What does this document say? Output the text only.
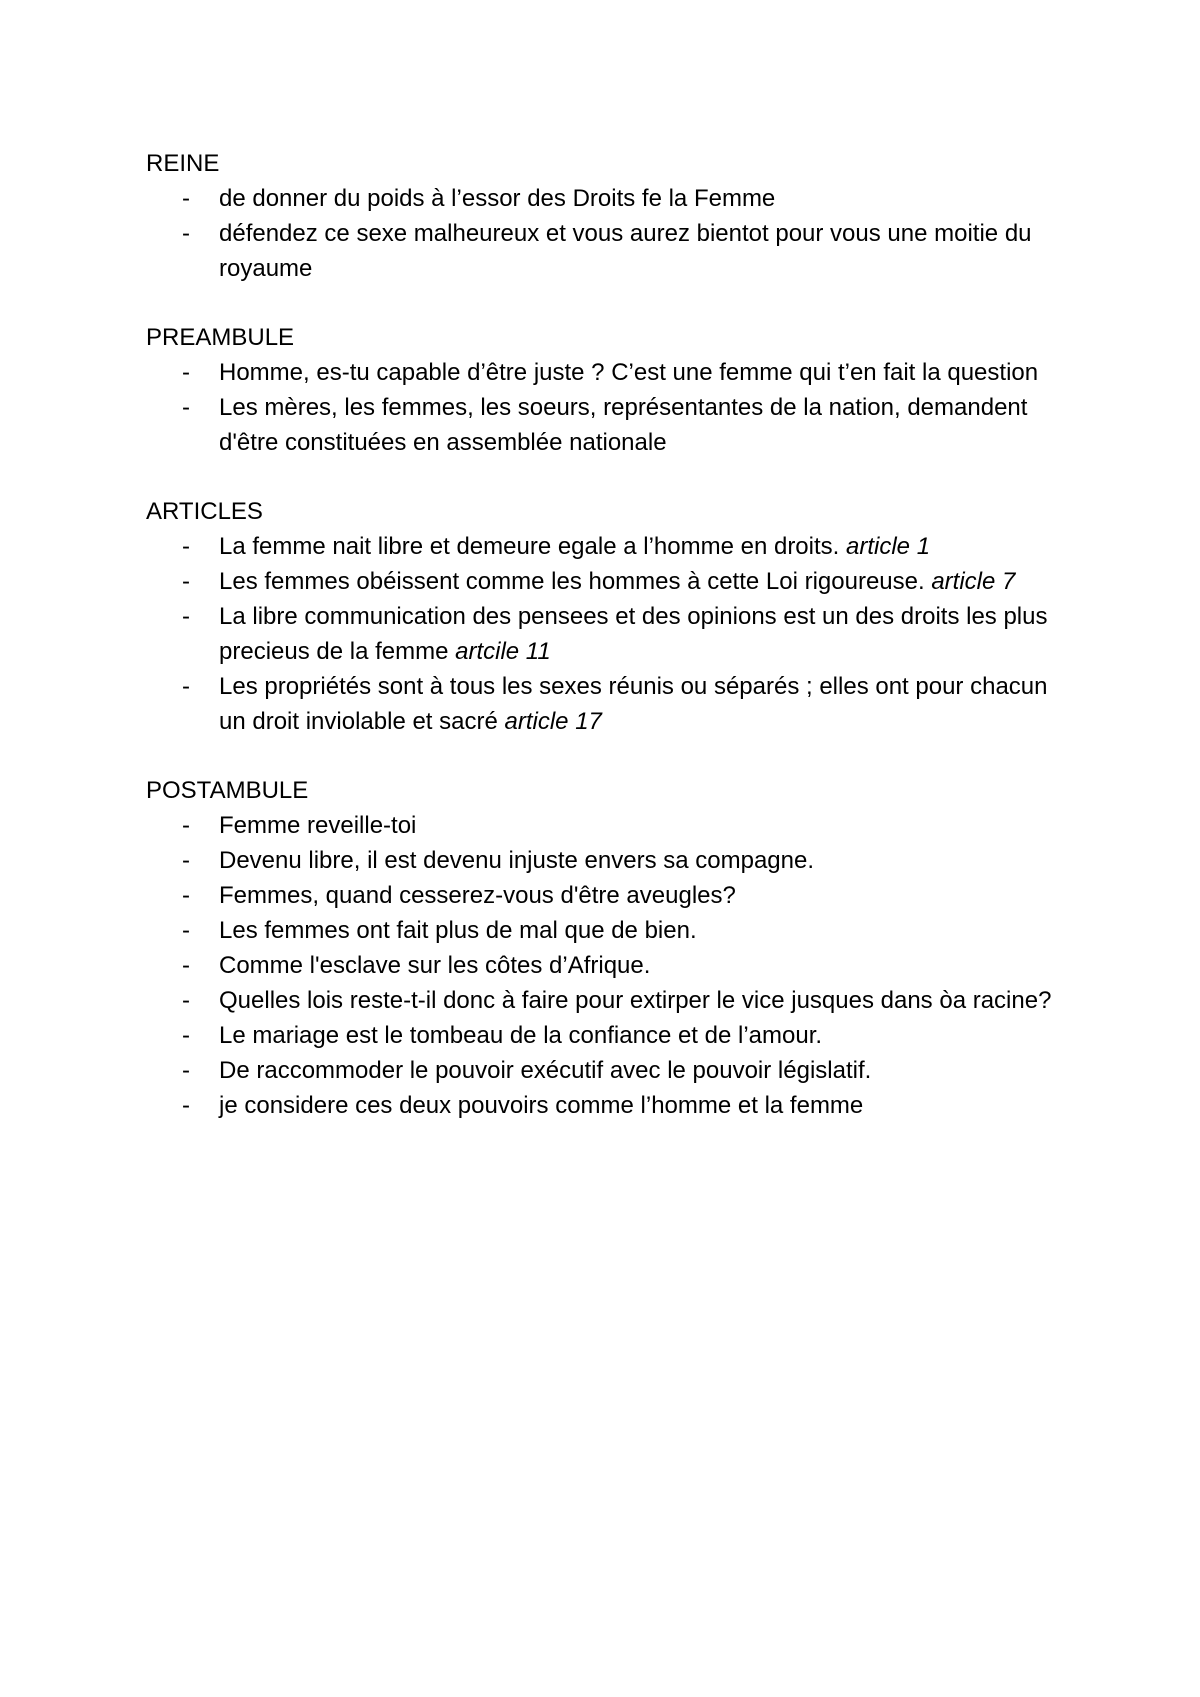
REINE
- de donner du poids à l’essor des Droits fe la Femme
- défendez ce sexe malheureux et vous aurez bientot pour vous une moitie du royaume
PREAMBULE
- Homme, es-tu capable d’être juste ? C’est une femme qui t’en fait la question
- Les mères, les femmes, les soeurs, représentantes de la nation, demandent d'être constituées en assemblée nationale
ARTICLES
- La femme nait libre et demeure egale a l’homme en droits. article 1
- Les femmes obéissent comme les hommes à cette Loi rigoureuse. article 7
- La libre communication des pensees et des opinions est un des droits les plus precieus de la femme artcile 11
- Les propriétés sont à tous les sexes réunis ou séparés ; elles ont pour chacun un droit inviolable et sacré article 17
POSTAMBULE
- Femme reveille-toi
- Devenu libre, il est devenu injuste envers sa compagne.
- Femmes, quand cesserez-vous d'être aveugles?
- Les femmes ont fait plus de mal que de bien.
- Comme l'esclave sur les côtes d’Afrique.
- Quelles lois reste-t-il donc à faire pour extirper le vice jusques dans òa racine?
- Le mariage est le tombeau de la confiance et de l’amour.
- De raccommoder le pouvoir exécutif avec le pouvoir législatif.
- je considere ces deux pouvoirs comme l’homme et la femme
